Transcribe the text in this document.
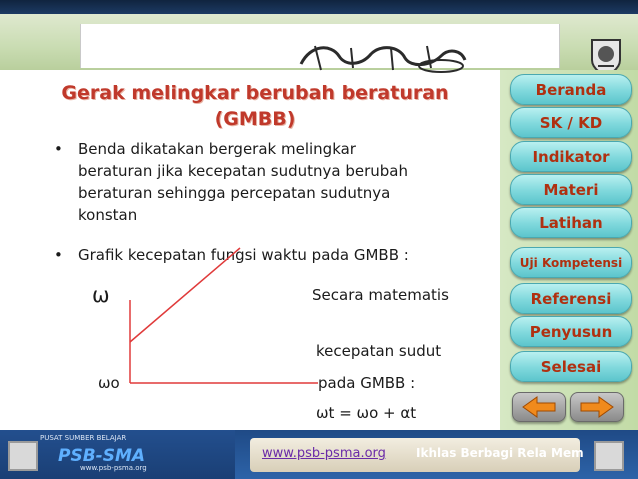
Gerak melingkar berubah beraturan
(GMBB)
• Benda dikatakan bergerak melingkar
beraturan jika kecepatan sudutnya berubah
beraturan sehingga percepatan sudutnya
konstan
• Grafik kecepatan fungsi waktu pada GMBB :
ω
ωo
Secara matematis
kecepatan sudut
pada GMBB :
ωt = ωo + αt
Beranda
SK / KD
Indikator
Materi
Latihan
Uji Kompetensi
Referensi
Penyusun
Selesai
PUSAT SUMBER BELAJAR
PSB-SMA
www.psb-psma.org
www.psb-psma.org	Ikhlas Berbagi Rela Mem
